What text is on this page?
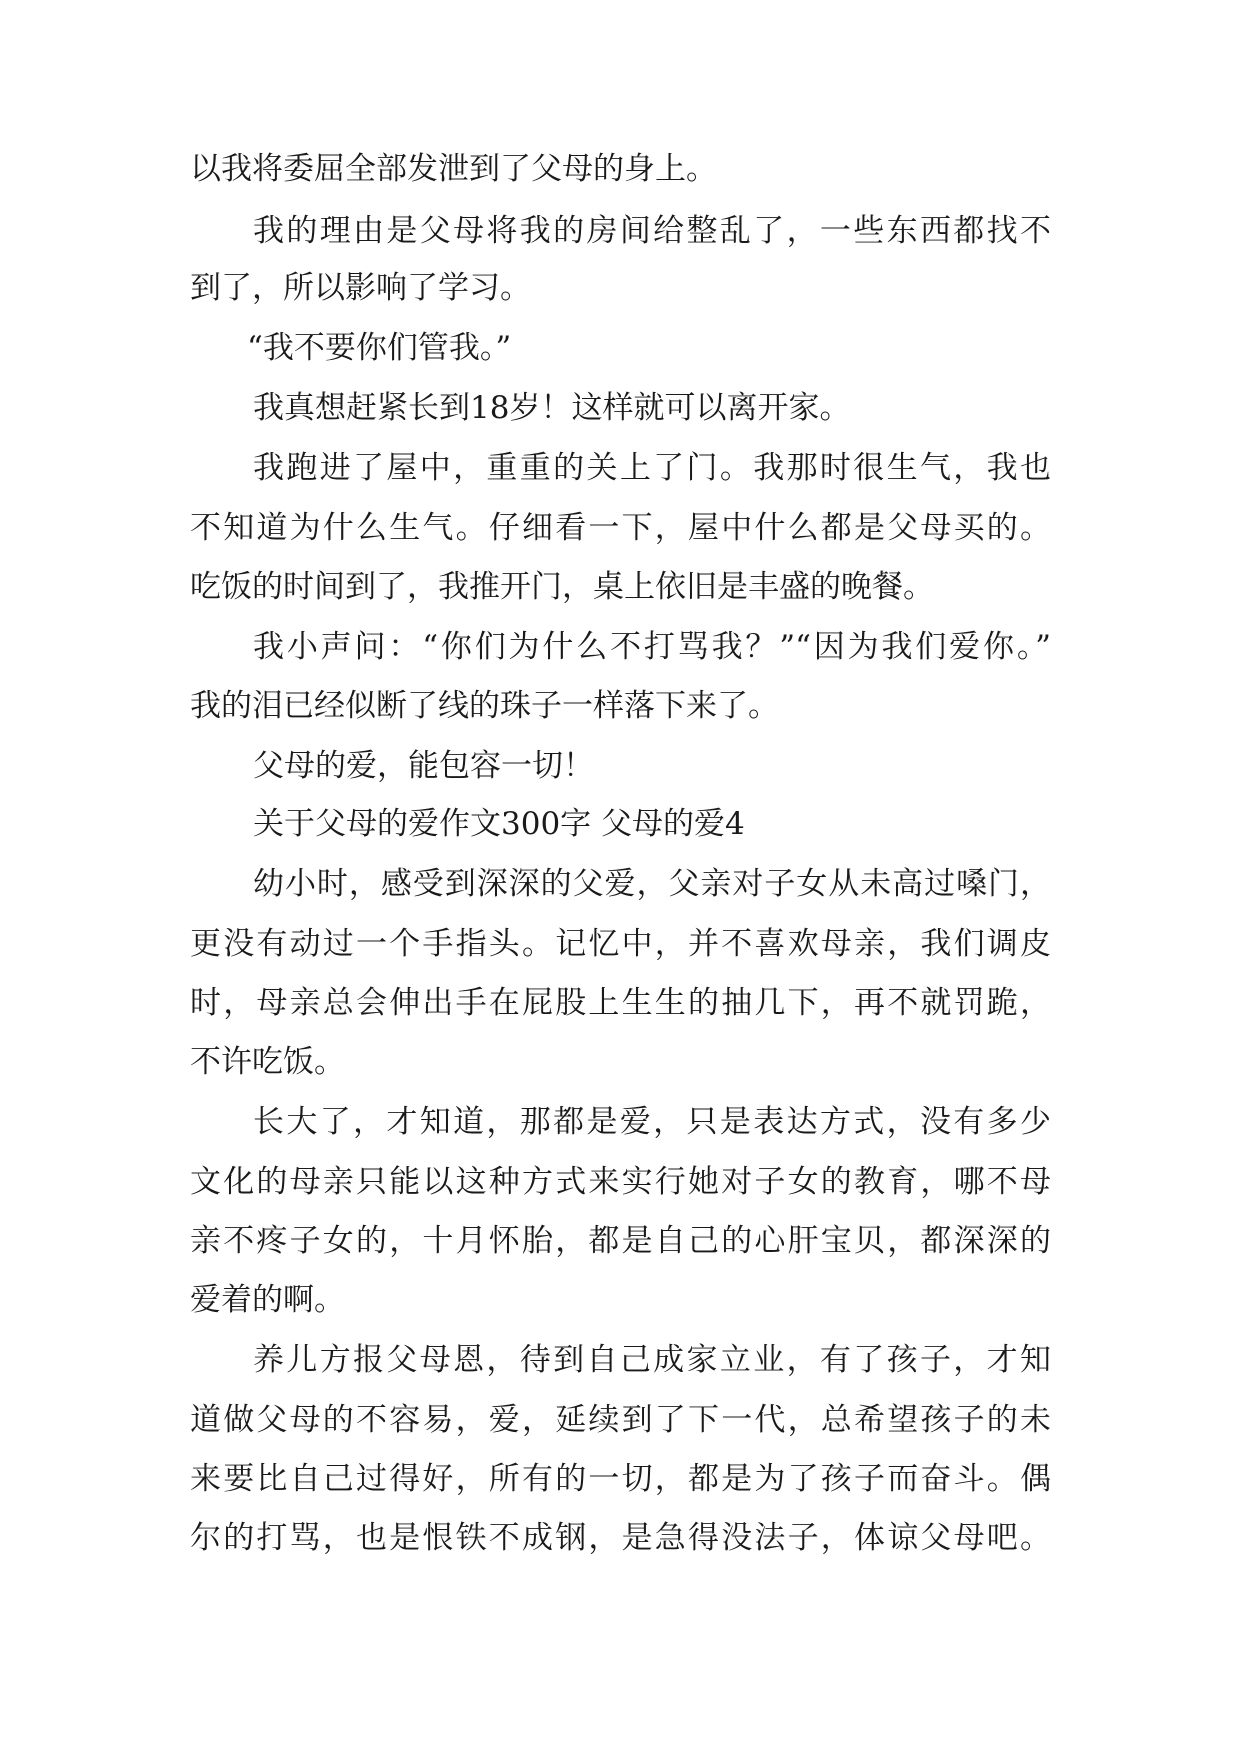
以我将委屈全部发泄到了父母的身上。
我的理由是父母将我的房间给整乱了，一些东西都找不
到了，所以影响了学习。
“我不要你们管我。”
我真想赶紧长到18岁！这样就可以离开家。
我跑进了屋中，重重的关上了门。我那时很生气，我也
不知道为什么生气。仔细看一下，屋中什么都是父母买的。
吃饭的时间到了，我推开门，桌上依旧是丰盛的晚餐。
我小声问：“你们为什么不打骂我？”“因为我们爱你。”
我的泪已经似断了线的珠子一样落下来了。
父母的爱，能包容一切！
关于父母的爱作文300字 父母的爱4
幼小时，感受到深深的父爱，父亲对子女从未高过嗓门，
更没有动过一个手指头。记忆中，并不喜欢母亲，我们调皮
时，母亲总会伸出手在屁股上生生的抽几下，再不就罚跪，
不许吃饭。
长大了，才知道，那都是爱，只是表达方式，没有多少
文化的母亲只能以这种方式来实行她对子女的教育，哪不母
亲不疼子女的，十月怀胎，都是自己的心肝宝贝，都深深的
爱着的啊。
养儿方报父母恩，待到自己成家立业，有了孩子，才知
道做父母的不容易，爱，延续到了下一代，总希望孩子的未
来要比自己过得好，所有的一切，都是为了孩子而奋斗。偶
尔的打骂，也是恨铁不成钢，是急得没法子，体谅父母吧。
